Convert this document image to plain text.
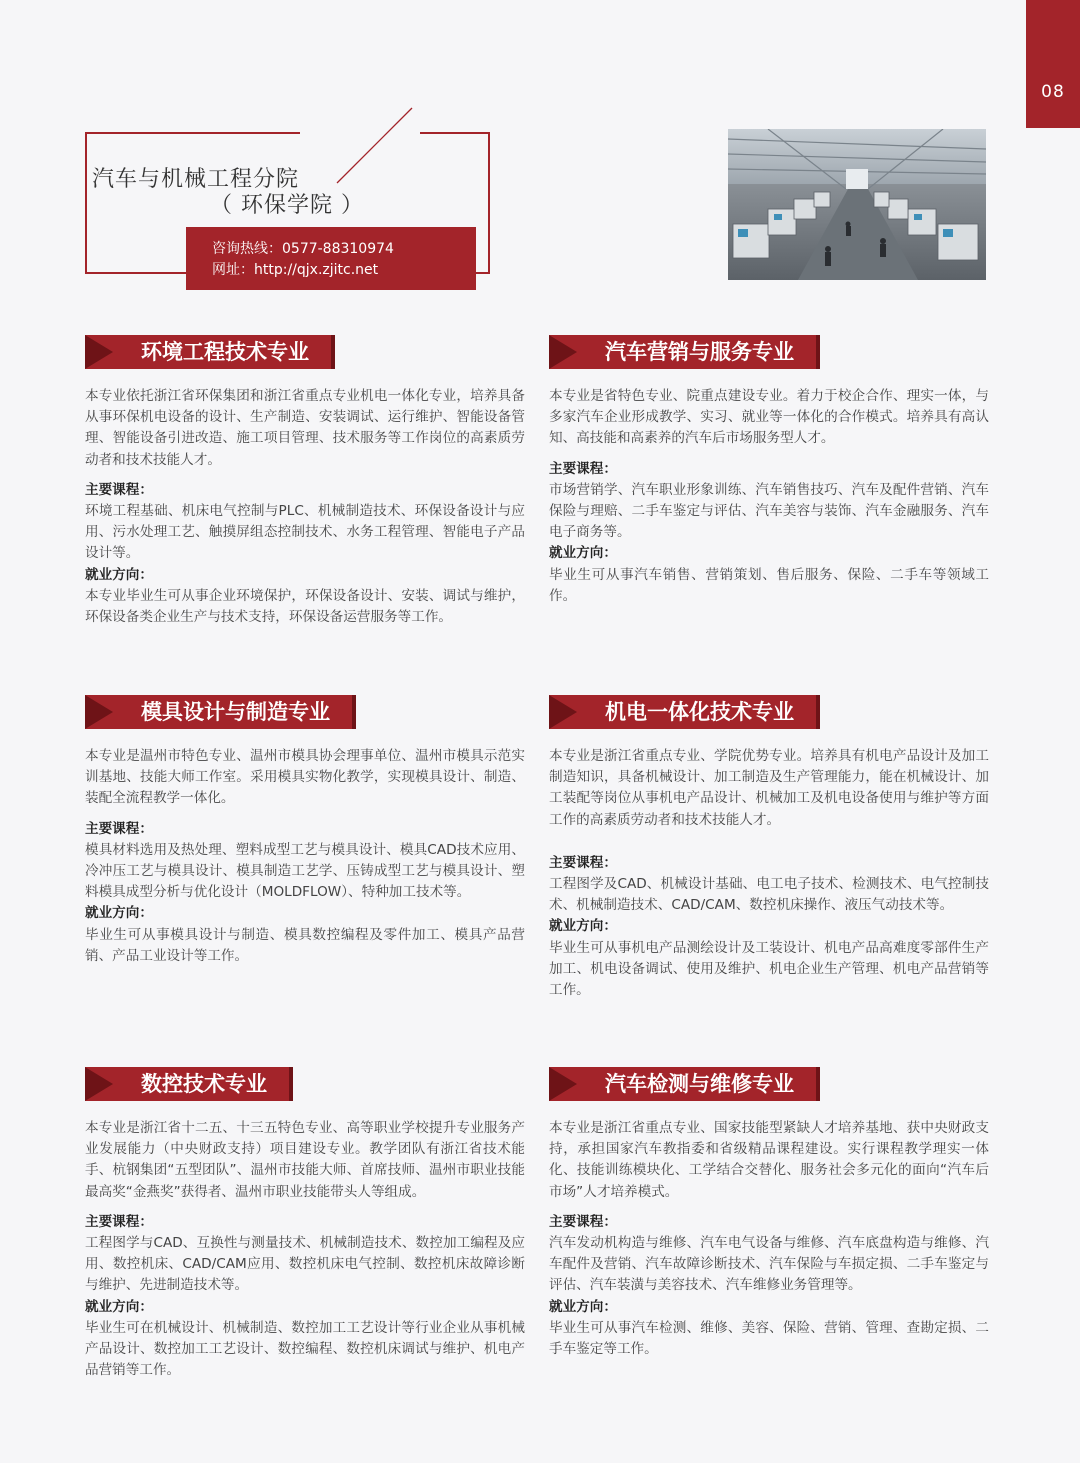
08
汽车与机械工程分院
（ 环保学院 ）
咨询热线：0577-88310974
网址：http://qjx.zjitc.net
环境工程技术专业
本专业依托浙江省环保集团和浙江省重点专业机电一体化专业，培养具备从事环保机电设备的设计、生产制造、安装调试、运行维护、智能设备管理、智能设备引进改造、施工项目管理、技术服务等工作岗位的高素质劳动者和技术技能人才。
主要课程：
环境工程基础、机床电气控制与PLC、机械制造技术、环保设备设计与应用、污水处理工艺、触摸屏组态控制技术、水务工程管理、智能电子产品设计等。
就业方向：
本专业毕业生可从事企业环境保护，环保设备设计、安装、调试与维护，环保设备类企业生产与技术支持，环保设备运营服务等工作。
汽车营销与服务专业
本专业是省特色专业、院重点建设专业。着力于校企合作、理实一体，与多家汽车企业形成教学、实习、就业等一体化的合作模式。培养具有高认知、高技能和高素养的汽车后市场服务型人才。
主要课程：
市场营销学、汽车职业形象训练、汽车销售技巧、汽车及配件营销、汽车保险与理赔、二手车鉴定与评估、汽车美容与装饰、汽车金融服务、汽车电子商务等。
就业方向：
毕业生可从事汽车销售、营销策划、售后服务、保险、二手车等领域工作。
模具设计与制造专业
本专业是温州市特色专业、温州市模具协会理事单位、温州市模具示范实训基地、技能大师工作室。采用模具实物化教学，实现模具设计、制造、装配全流程教学一体化。
主要课程：
模具材料选用及热处理、塑料成型工艺与模具设计、模具CAD技术应用、冷冲压工艺与模具设计、模具制造工艺学、压铸成型工艺与模具设计、塑料模具成型分析与优化设计（MOLDFLOW）、特种加工技术等。
就业方向：
毕业生可从事模具设计与制造、模具数控编程及零件加工、模具产品营销、产品工业设计等工作。
机电一体化技术专业
本专业是浙江省重点专业、学院优势专业。培养具有机电产品设计及加工制造知识，具备机械设计、加工制造及生产管理能力，能在机械设计、加工装配等岗位从事机电产品设计、机械加工及机电设备使用与维护等方面工作的高素质劳动者和技术技能人才。
主要课程：
工程图学及CAD、机械设计基础、电工电子技术、检测技术、电气控制技术、机械制造技术、CAD/CAM、数控机床操作、液压气动技术等。
就业方向：
毕业生可从事机电产品测绘设计及工装设计、机电产品高难度零部件生产加工、机电设备调试、使用及维护、机电企业生产管理、机电产品营销等工作。
数控技术专业
本专业是浙江省十二五、十三五特色专业、高等职业学校提升专业服务产业发展能力（中央财政支持）项目建设专业。教学团队有浙江省技术能手、杭钢集团“五型团队”、温州市技能大师、首席技师、温州市职业技能最高奖“金燕奖”获得者、温州市职业技能带头人等组成。
主要课程：
工程图学与CAD、互换性与测量技术、机械制造技术、数控加工编程及应用、数控机床、CAD/CAM应用、数控机床电气控制、数控机床故障诊断与维护、先进制造技术等。
就业方向：
毕业生可在机械设计、机械制造、数控加工工艺设计等行业企业从事机械产品设计、数控加工工艺设计、数控编程、数控机床调试与维护、机电产品营销等工作。
汽车检测与维修专业
本专业是浙江省重点专业、国家技能型紧缺人才培养基地、获中央财政支持，承担国家汽车教指委和省级精品课程建设。实行课程教学理实一体化、技能训练模块化、工学结合交替化、服务社会多元化的面向“汽车后市场”人才培养模式。
主要课程：
汽车发动机构造与维修、汽车电气设备与维修、汽车底盘构造与维修、汽车配件及营销、汽车故障诊断技术、汽车保险与车损定损、二手车鉴定与评估、汽车装潢与美容技术、汽车维修业务管理等。
就业方向：
毕业生可从事汽车检测、维修、美容、保险、营销、管理、查勘定损、二手车鉴定等工作。
